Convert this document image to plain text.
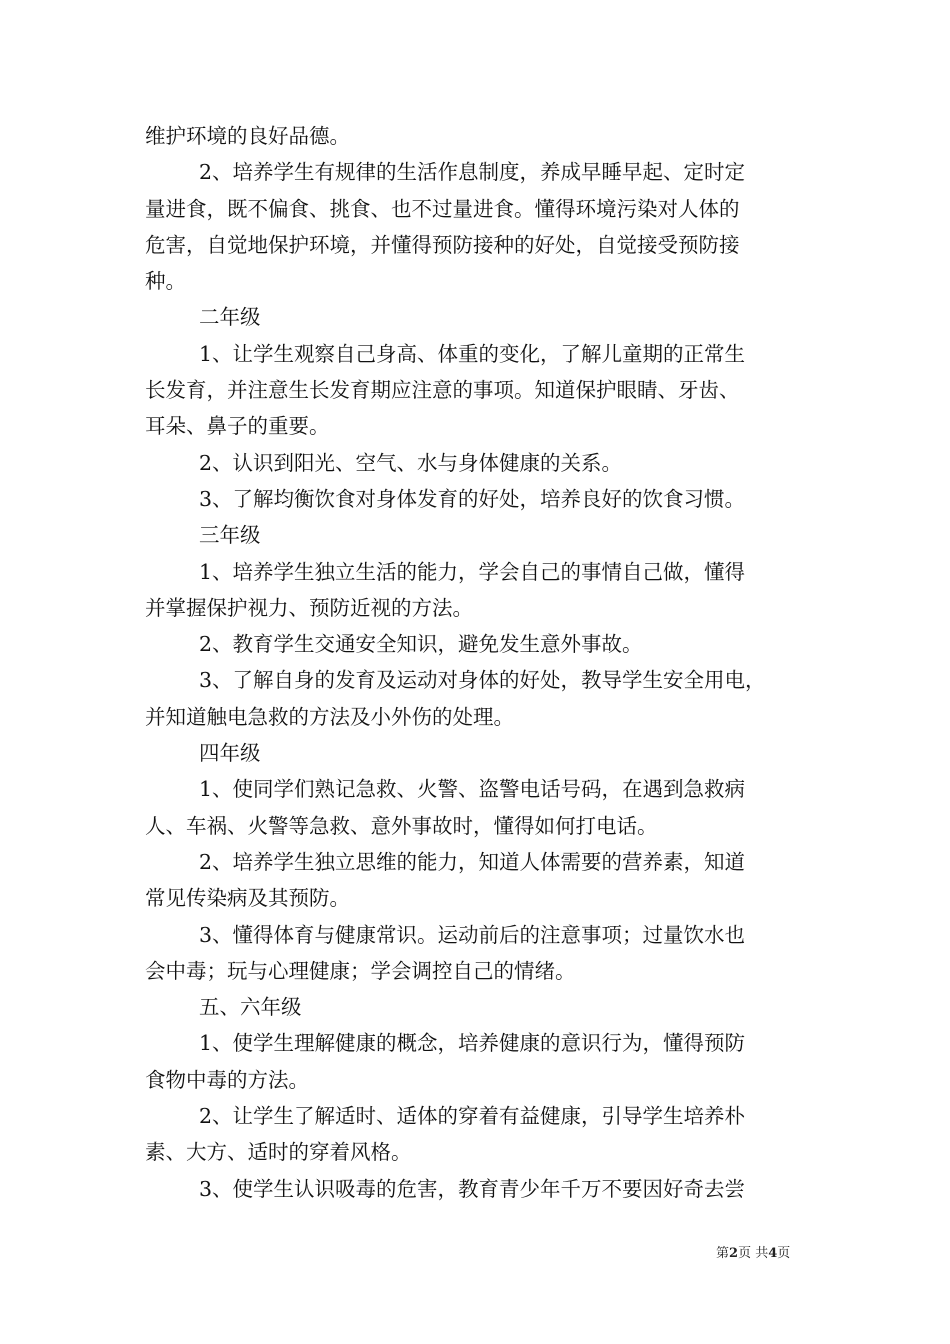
维护环境的良好品德。
2、培养学生有规律的生活作息制度，养成早睡早起、定时定
量进食，既不偏食、挑食、也不过量进食。懂得环境污染对人体的
危害，自觉地保护环境，并懂得预防接种的好处，自觉接受预防接
种。
二年级
1、让学生观察自己身高、体重的变化，了解儿童期的正常生
长发育，并注意生长发育期应注意的事项。知道保护眼睛、牙齿、
耳朵、鼻子的重要。
2、认识到阳光、空气、水与身体健康的关系。
3、了解均衡饮食对身体发育的好处，培养良好的饮食习惯。
三年级
1、培养学生独立生活的能力，学会自己的事情自己做，懂得
并掌握保护视力、预防近视的方法。
2、教育学生交通安全知识，避免发生意外事故。
3、了解自身的发育及运动对身体的好处，教导学生安全用电，
并知道触电急救的方法及小外伤的处理。
四年级
1、使同学们熟记急救、火警、盗警电话号码，在遇到急救病
人、车祸、火警等急救、意外事故时，懂得如何打电话。
2、培养学生独立思维的能力，知道人体需要的营养素，知道
常见传染病及其预防。
3、懂得体育与健康常识。运动前后的注意事项；过量饮水也
会中毒；玩与心理健康；学会调控自己的情绪。
五、六年级
1、使学生理解健康的概念，培养健康的意识行为，懂得预防
食物中毒的方法。
2、让学生了解适时、适体的穿着有益健康，引导学生培养朴
素、大方、适时的穿着风格。
3、使学生认识吸毒的危害，教育青少年千万不要因好奇去尝
第2页 共4页
